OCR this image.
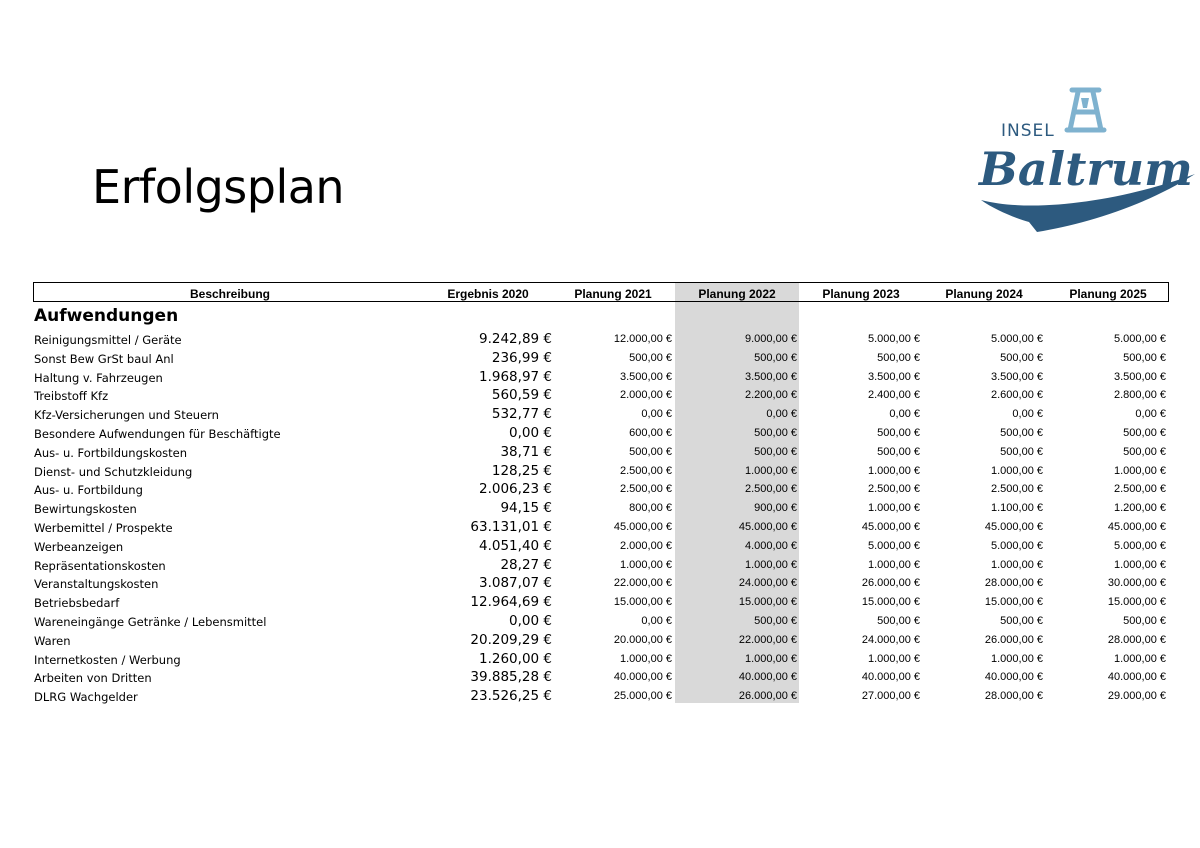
Erfolgsplan
INSEL
Baltrum
Beschreibung	Ergebnis 2020	Planung 2021	Planung 2022	Planung 2023	Planung 2024	Planung 2025
Aufwendungen
Reinigungsmittel / Geräte	9.242,89 €	12.000,00 €	9.000,00 €	5.000,00 €	5.000,00 €	5.000,00 €
Sonst Bew GrSt baul Anl	236,99 €	500,00 €	500,00 €	500,00 €	500,00 €	500,00 €
Haltung v. Fahrzeugen	1.968,97 €	3.500,00 €	3.500,00 €	3.500,00 €	3.500,00 €	3.500,00 €
Treibstoff Kfz	560,59 €	2.000,00 €	2.200,00 €	2.400,00 €	2.600,00 €	2.800,00 €
Kfz-Versicherungen und Steuern	532,77 €	0,00 €	0,00 €	0,00 €	0,00 €	0,00 €
Besondere Aufwendungen für Beschäftigte	0,00 €	600,00 €	500,00 €	500,00 €	500,00 €	500,00 €
Aus- u. Fortbildungskosten	38,71 €	500,00 €	500,00 €	500,00 €	500,00 €	500,00 €
Dienst- und Schutzkleidung	128,25 €	2.500,00 €	1.000,00 €	1.000,00 €	1.000,00 €	1.000,00 €
Aus- u. Fortbildung	2.006,23 €	2.500,00 €	2.500,00 €	2.500,00 €	2.500,00 €	2.500,00 €
Bewirtungskosten	94,15 €	800,00 €	900,00 €	1.000,00 €	1.100,00 €	1.200,00 €
Werbemittel / Prospekte	63.131,01 €	45.000,00 €	45.000,00 €	45.000,00 €	45.000,00 €	45.000,00 €
Werbeanzeigen	4.051,40 €	2.000,00 €	4.000,00 €	5.000,00 €	5.000,00 €	5.000,00 €
Repräsentationskosten	28,27 €	1.000,00 €	1.000,00 €	1.000,00 €	1.000,00 €	1.000,00 €
Veranstaltungskosten	3.087,07 €	22.000,00 €	24.000,00 €	26.000,00 €	28.000,00 €	30.000,00 €
Betriebsbedarf	12.964,69 €	15.000,00 €	15.000,00 €	15.000,00 €	15.000,00 €	15.000,00 €
Wareneingänge Getränke / Lebensmittel	0,00 €	0,00 €	500,00 €	500,00 €	500,00 €	500,00 €
Waren	20.209,29 €	20.000,00 €	22.000,00 €	24.000,00 €	26.000,00 €	28.000,00 €
Internetkosten / Werbung	1.260,00 €	1.000,00 €	1.000,00 €	1.000,00 €	1.000,00 €	1.000,00 €
Arbeiten von Dritten	39.885,28 €	40.000,00 €	40.000,00 €	40.000,00 €	40.000,00 €	40.000,00 €
DLRG Wachgelder	23.526,25 €	25.000,00 €	26.000,00 €	27.000,00 €	28.000,00 €	29.000,00 €
